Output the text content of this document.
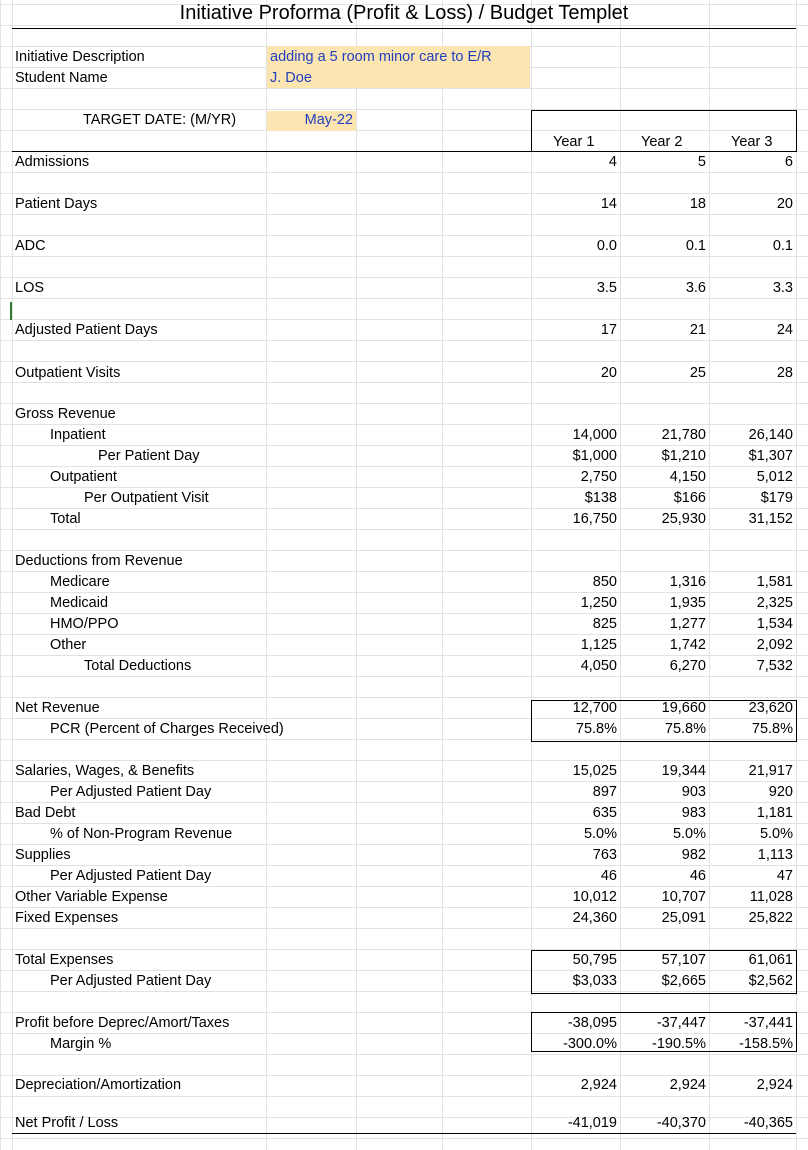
Initiative Proforma (Profit & Loss) / Budget Templet
Initiative Description	adding a 5 room minor care to E/R
Student Name	J. Doe
TARGET DATE: (M/YR)	May-22
Year 1	Year 2	Year 3
Admissions	4	5	6
Patient Days	14	18	20
ADC	0.0	0.1	0.1
LOS	3.5	3.6	3.3
Adjusted Patient Days	17	21	24
Outpatient Visits	20	25	28
Gross Revenue
Inpatient	14,000	21,780	26,140
Per Patient Day	$1,000	$1,210	$1,307
Outpatient	2,750	4,150	5,012
Per Outpatient Visit	$138	$166	$179
Total	16,750	25,930	31,152
Deductions from Revenue
Medicare	850	1,316	1,581
Medicaid	1,250	1,935	2,325
HMO/PPO	825	1,277	1,534
Other	1,125	1,742	2,092
Total Deductions	4,050	6,270	7,532
Net Revenue	12,700	19,660	23,620
PCR (Percent of Charges Received)	75.8%	75.8%	75.8%
Salaries, Wages, & Benefits	15,025	19,344	21,917
Per Adjusted Patient Day	897	903	920
Bad Debt	635	983	1,181
% of Non-Program Revenue	5.0%	5.0%	5.0%
Supplies	763	982	1,113
Per Adjusted Patient Day	46	46	47
Other Variable Expense	10,012	10,707	11,028
Fixed Expenses	24,360	25,091	25,822
Total Expenses	50,795	57,107	61,061
Per Adjusted Patient Day	$3,033	$2,665	$2,562
Profit before Deprec/Amort/Taxes	-38,095	-37,447	-37,441
Margin %	-300.0%	-190.5%	-158.5%
Depreciation/Amortization	2,924	2,924	2,924
Net Profit / Loss	-41,019	-40,370	-40,365
